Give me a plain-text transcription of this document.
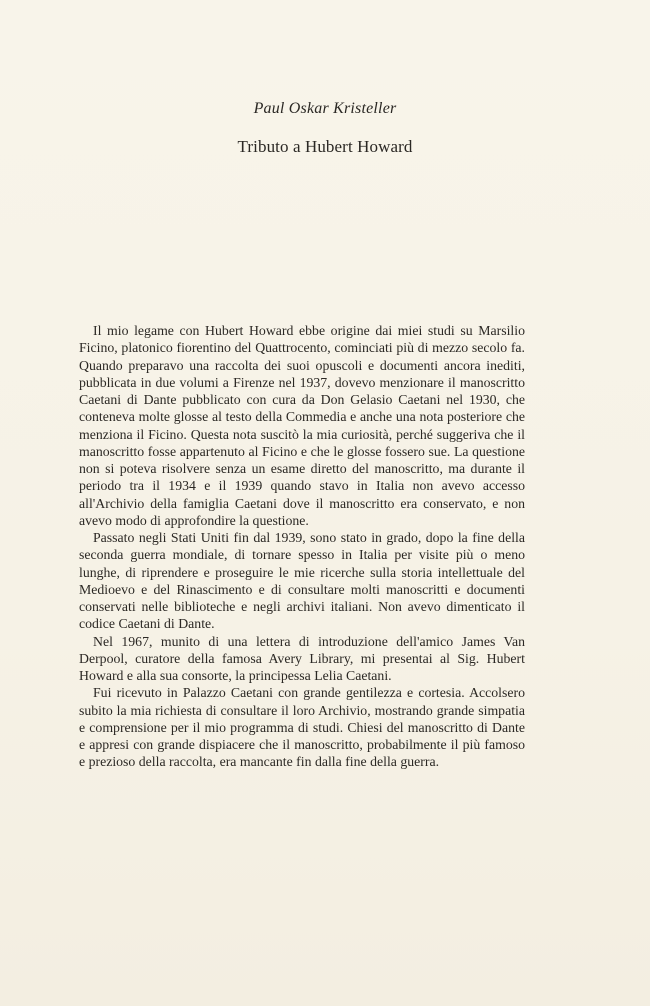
Paul Oskar Kristeller
Tributo a Hubert Howard

Il mio legame con Hubert Howard ebbe origine dai miei studi su Marsilio Ficino, platonico fiorentino del Quattrocento, cominciati più di mezzo secolo fa. Quando preparavo una raccolta dei suoi opuscoli e documenti ancora inediti, pubblicata in due volumi a Firenze nel 1937, dovevo menzionare il manoscritto Caetani di Dante pubblicato con cura da Don Gelasio Caetani nel 1930, che conteneva molte glosse al testo della Commedia e anche una nota posteriore che menziona il Ficino. Questa nota suscitò la mia curiosità, perché suggeriva che il manoscritto fosse appartenuto al Ficino e che le glosse fossero sue. La questione non si poteva risolvere senza un esame diretto del manoscritto, ma durante il periodo tra il 1934 e il 1939 quando stavo in Italia non avevo accesso all'Archivio della famiglia Caetani dove il manoscritto era conservato, e non avevo modo di approfondire la questione.

Passato negli Stati Uniti fin dal 1939, sono stato in grado, dopo la fine della seconda guerra mondiale, di tornare spesso in Italia per visite più o meno lunghe, di riprendere e proseguire le mie ricerche sulla storia intellettuale del Medioevo e del Rinascimento e di consultare molti manoscritti e documenti conservati nelle biblioteche e negli archivi italiani. Non avevo dimenticato il codice Caetani di Dante.

Nel 1967, munito di una lettera di introduzione dell'amico James Van Derpool, curatore della famosa Avery Library, mi presentai al Sig. Hubert Howard e alla sua consorte, la principessa Lelia Caetani.

Fui ricevuto in Palazzo Caetani con grande gentilezza e cortesia. Accolsero subito la mia richiesta di consultare il loro Archivio, mostrando grande simpatia e comprensione per il mio programma di studi. Chiesi del manoscritto di Dante e appresi con grande dispiacere che il manoscritto, probabilmente il più famoso e prezioso della raccolta, era mancante fin dalla fine della guerra.
